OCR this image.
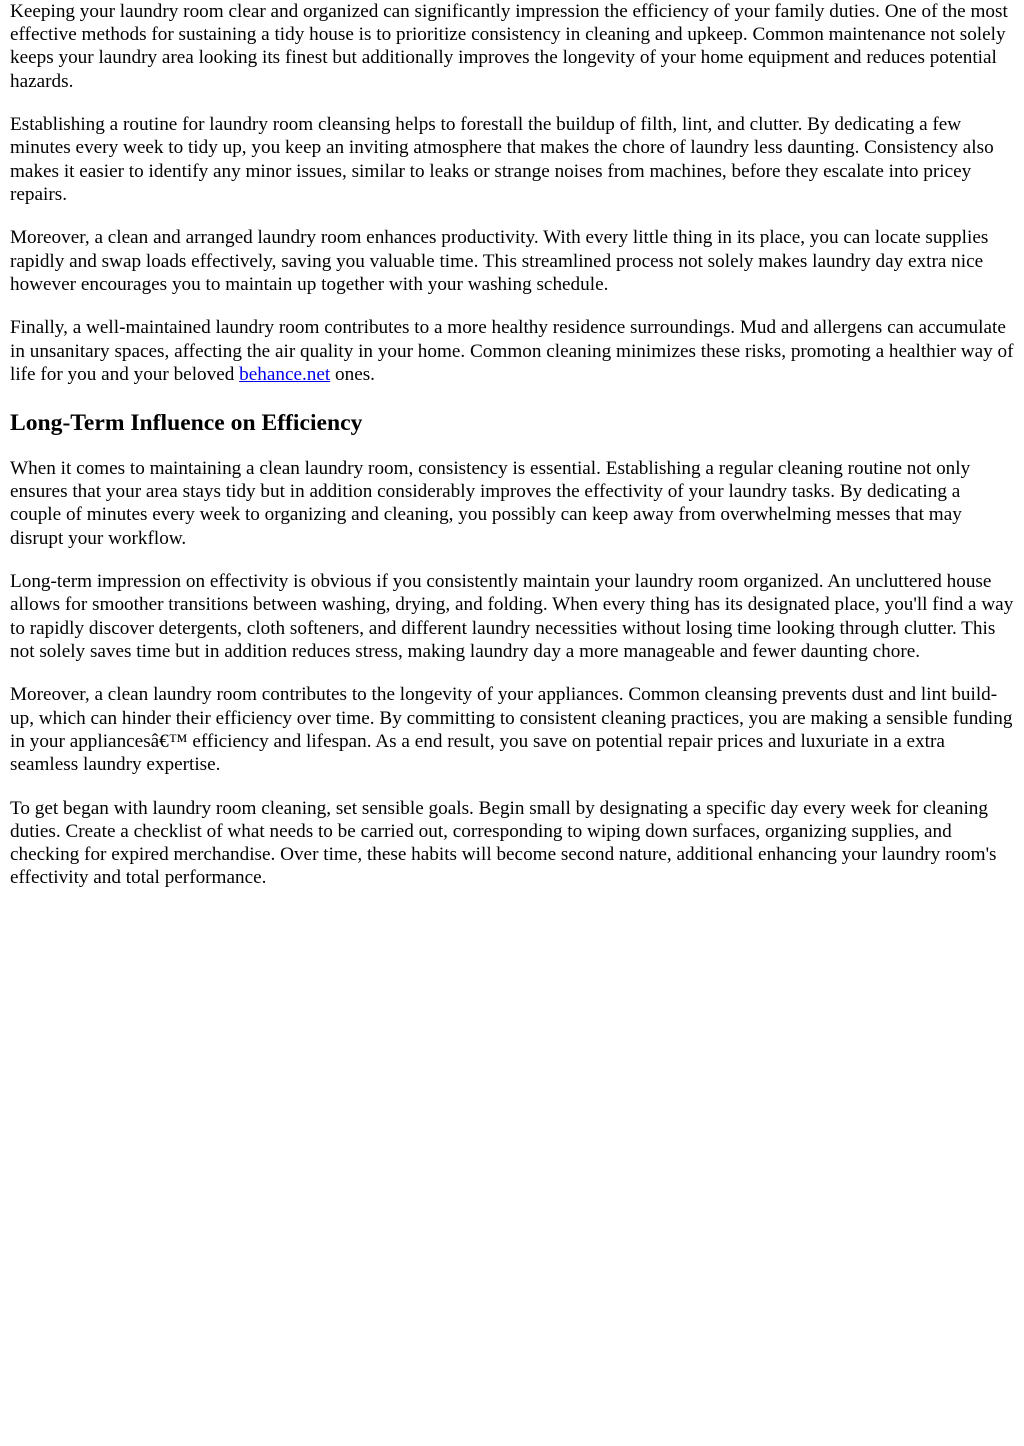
Keeping your laundry room clear and organized can significantly impression the efficiency of your family duties. One of the most effective methods for sustaining a tidy house is to prioritize consistency in cleaning and upkeep. Common maintenance not solely keeps your laundry area looking its finest but additionally improves the longevity of your home equipment and reduces potential hazards.

Establishing a routine for laundry room cleansing helps to forestall the buildup of filth, lint, and clutter. By dedicating a few minutes every week to tidy up, you keep an inviting atmosphere that makes the chore of laundry less daunting. Consistency also makes it easier to identify any minor issues, similar to leaks or strange noises from machines, before they escalate into pricey repairs.

Moreover, a clean and arranged laundry room enhances productivity. With every little thing in its place, you can locate supplies rapidly and swap loads effectively, saving you valuable time. This streamlined process not solely makes laundry day extra nice however encourages you to maintain up together with your washing schedule.

Finally, a well-maintained laundry room contributes to a more healthy residence surroundings. Mud and allergens can accumulate in unsanitary spaces, affecting the air quality in your home. Common cleaning minimizes these risks, promoting a healthier way of life for you and your beloved behance.net ones.

Long-Term Influence on Efficiency

When it comes to maintaining a clean laundry room, consistency is essential. Establishing a regular cleaning routine not only ensures that your area stays tidy but in addition considerably improves the effectivity of your laundry tasks. By dedicating a couple of minutes every week to organizing and cleaning, you possibly can keep away from overwhelming messes that may disrupt your workflow.

Long-term impression on effectivity is obvious if you consistently maintain your laundry room organized. An uncluttered house allows for smoother transitions between washing, drying, and folding. When every thing has its designated place, you'll find a way to rapidly discover detergents, cloth softeners, and different laundry necessities without losing time looking through clutter. This not solely saves time but in addition reduces stress, making laundry day a more manageable and fewer daunting chore.

Moreover, a clean laundry room contributes to the longevity of your appliances. Common cleansing prevents dust and lint build-up, which can hinder their efficiency over time. By committing to consistent cleaning practices, you are making a sensible funding in your appliancesâ€™ efficiency and lifespan. As a end result, you save on potential repair prices and luxuriate in a extra seamless laundry expertise.

To get began with laundry room cleaning, set sensible goals. Begin small by designating a specific day every week for cleaning duties. Create a checklist of what needs to be carried out, corresponding to wiping down surfaces, organizing supplies, and checking for expired merchandise. Over time, these habits will become second nature, additional enhancing your laundry room's effectivity and total performance.
